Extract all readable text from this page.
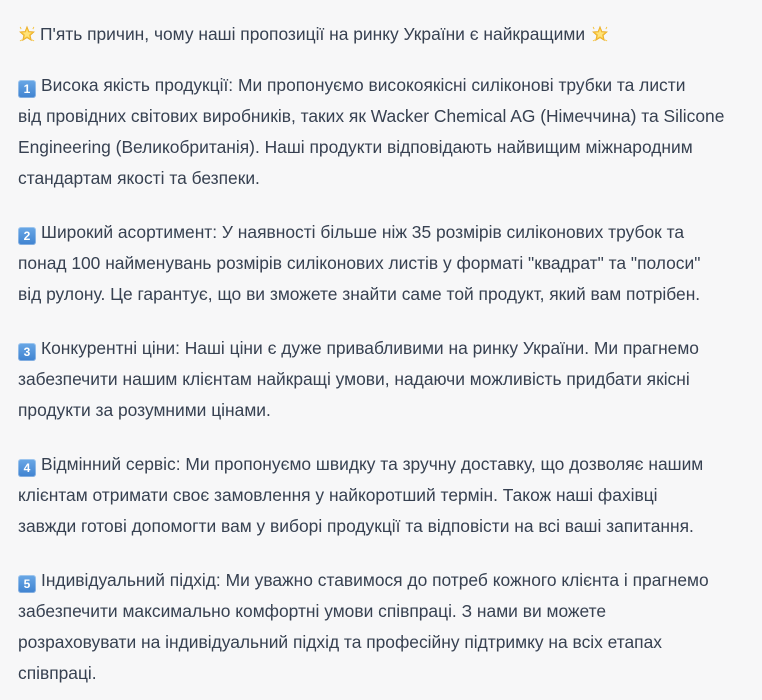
П'ять причин, чому наші пропозиції на ринку України є найкращими

1 Висока якість продукції: Ми пропонуємо високоякісні силіконові трубки та листи
від провідних світових виробників, таких як Wacker Chemical AG (Німеччина) та Silicone
Engineering (Великобританія). Наші продукти відповідають найвищим міжнародним
стандартам якості та безпеки.
2 Широкий асортимент: У наявності більше ніж 35 розмірів силіконових трубок та
понад 100 найменувань розмірів силіконових листів у форматі "квадрат" та "полоси"
від рулону. Це гарантує, що ви зможете знайти саме той продукт, який вам потрібен.
3 Конкурентні ціни: Наші ціни є дуже привабливими на ринку України. Ми прагнемо
забезпечити нашим клієнтам найкращі умови, надаючи можливість придбати якісні
продукти за розумними цінами.
4 Відмінний сервіс: Ми пропонуємо швидку та зручну доставку, що дозволяє нашим
клієнтам отримати своє замовлення у найкоротший термін. Також наші фахівці
завжди готові допомогти вам у виборі продукції та відповісти на всі ваші запитання.
5 Індивідуальний підхід: Ми уважно ставимося до потреб кожного клієнта і прагнемо
забезпечити максимально комфортні умови співпраці. З нами ви можете
розраховувати на індивідуальний підхід та професійну підтримку на всіх етапах
співпраці.
